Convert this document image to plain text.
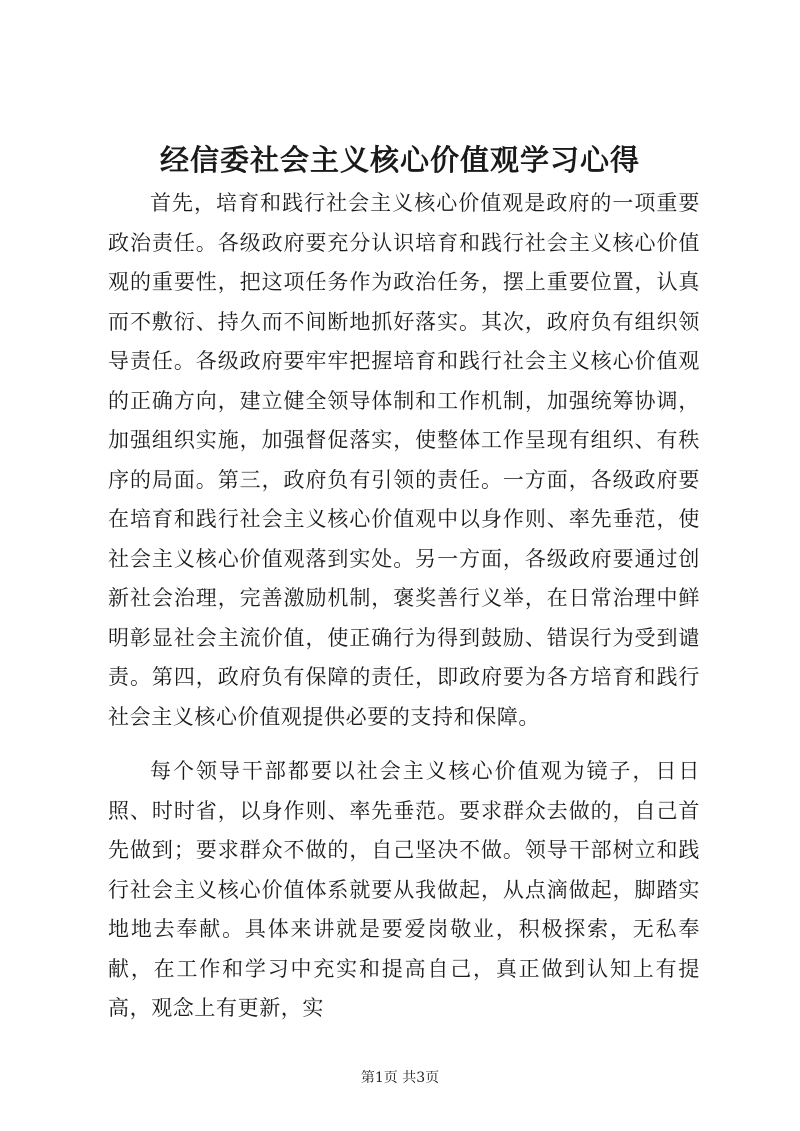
经信委社会主义核心价值观学习心得

首先，培育和践行社会主义核心价值观是政府的一项重要政治责任。各级政府要充分认识培育和践行社会主义核心价值观的重要性，把这项任务作为政治任务，摆上重要位置，认真而不敷衍、持久而不间断地抓好落实。其次，政府负有组织领导责任。各级政府要牢牢把握培育和践行社会主义核心价值观的正确方向，建立健全领导体制和工作机制，加强统筹协调，加强组织实施，加强督促落实，使整体工作呈现有组织、有秩序的局面。第三，政府负有引领的责任。一方面，各级政府要在培育和践行社会主义核心价值观中以身作则、率先垂范，使社会主义核心价值观落到实处。另一方面，各级政府要通过创新社会治理，完善激励机制，褒奖善行义举，在日常治理中鲜明彰显社会主流价值，使正确行为得到鼓励、错误行为受到谴责。第四，政府负有保障的责任，即政府要为各方培育和践行社会主义核心价值观提供必要的支持和保障。

每个领导干部都要以社会主义核心价值观为镜子，日日照、时时省，以身作则、率先垂范。要求群众去做的，自己首先做到；要求群众不做的，自己坚决不做。领导干部树立和践行社会主义核心价值体系就要从我做起，从点滴做起，脚踏实地地去奉献。具体来讲就是要爱岗敬业，积极探索，无私奉献，在工作和学习中充实和提高自己，真正做到认知上有提高，观念上有更新，实

第1页 共3页
